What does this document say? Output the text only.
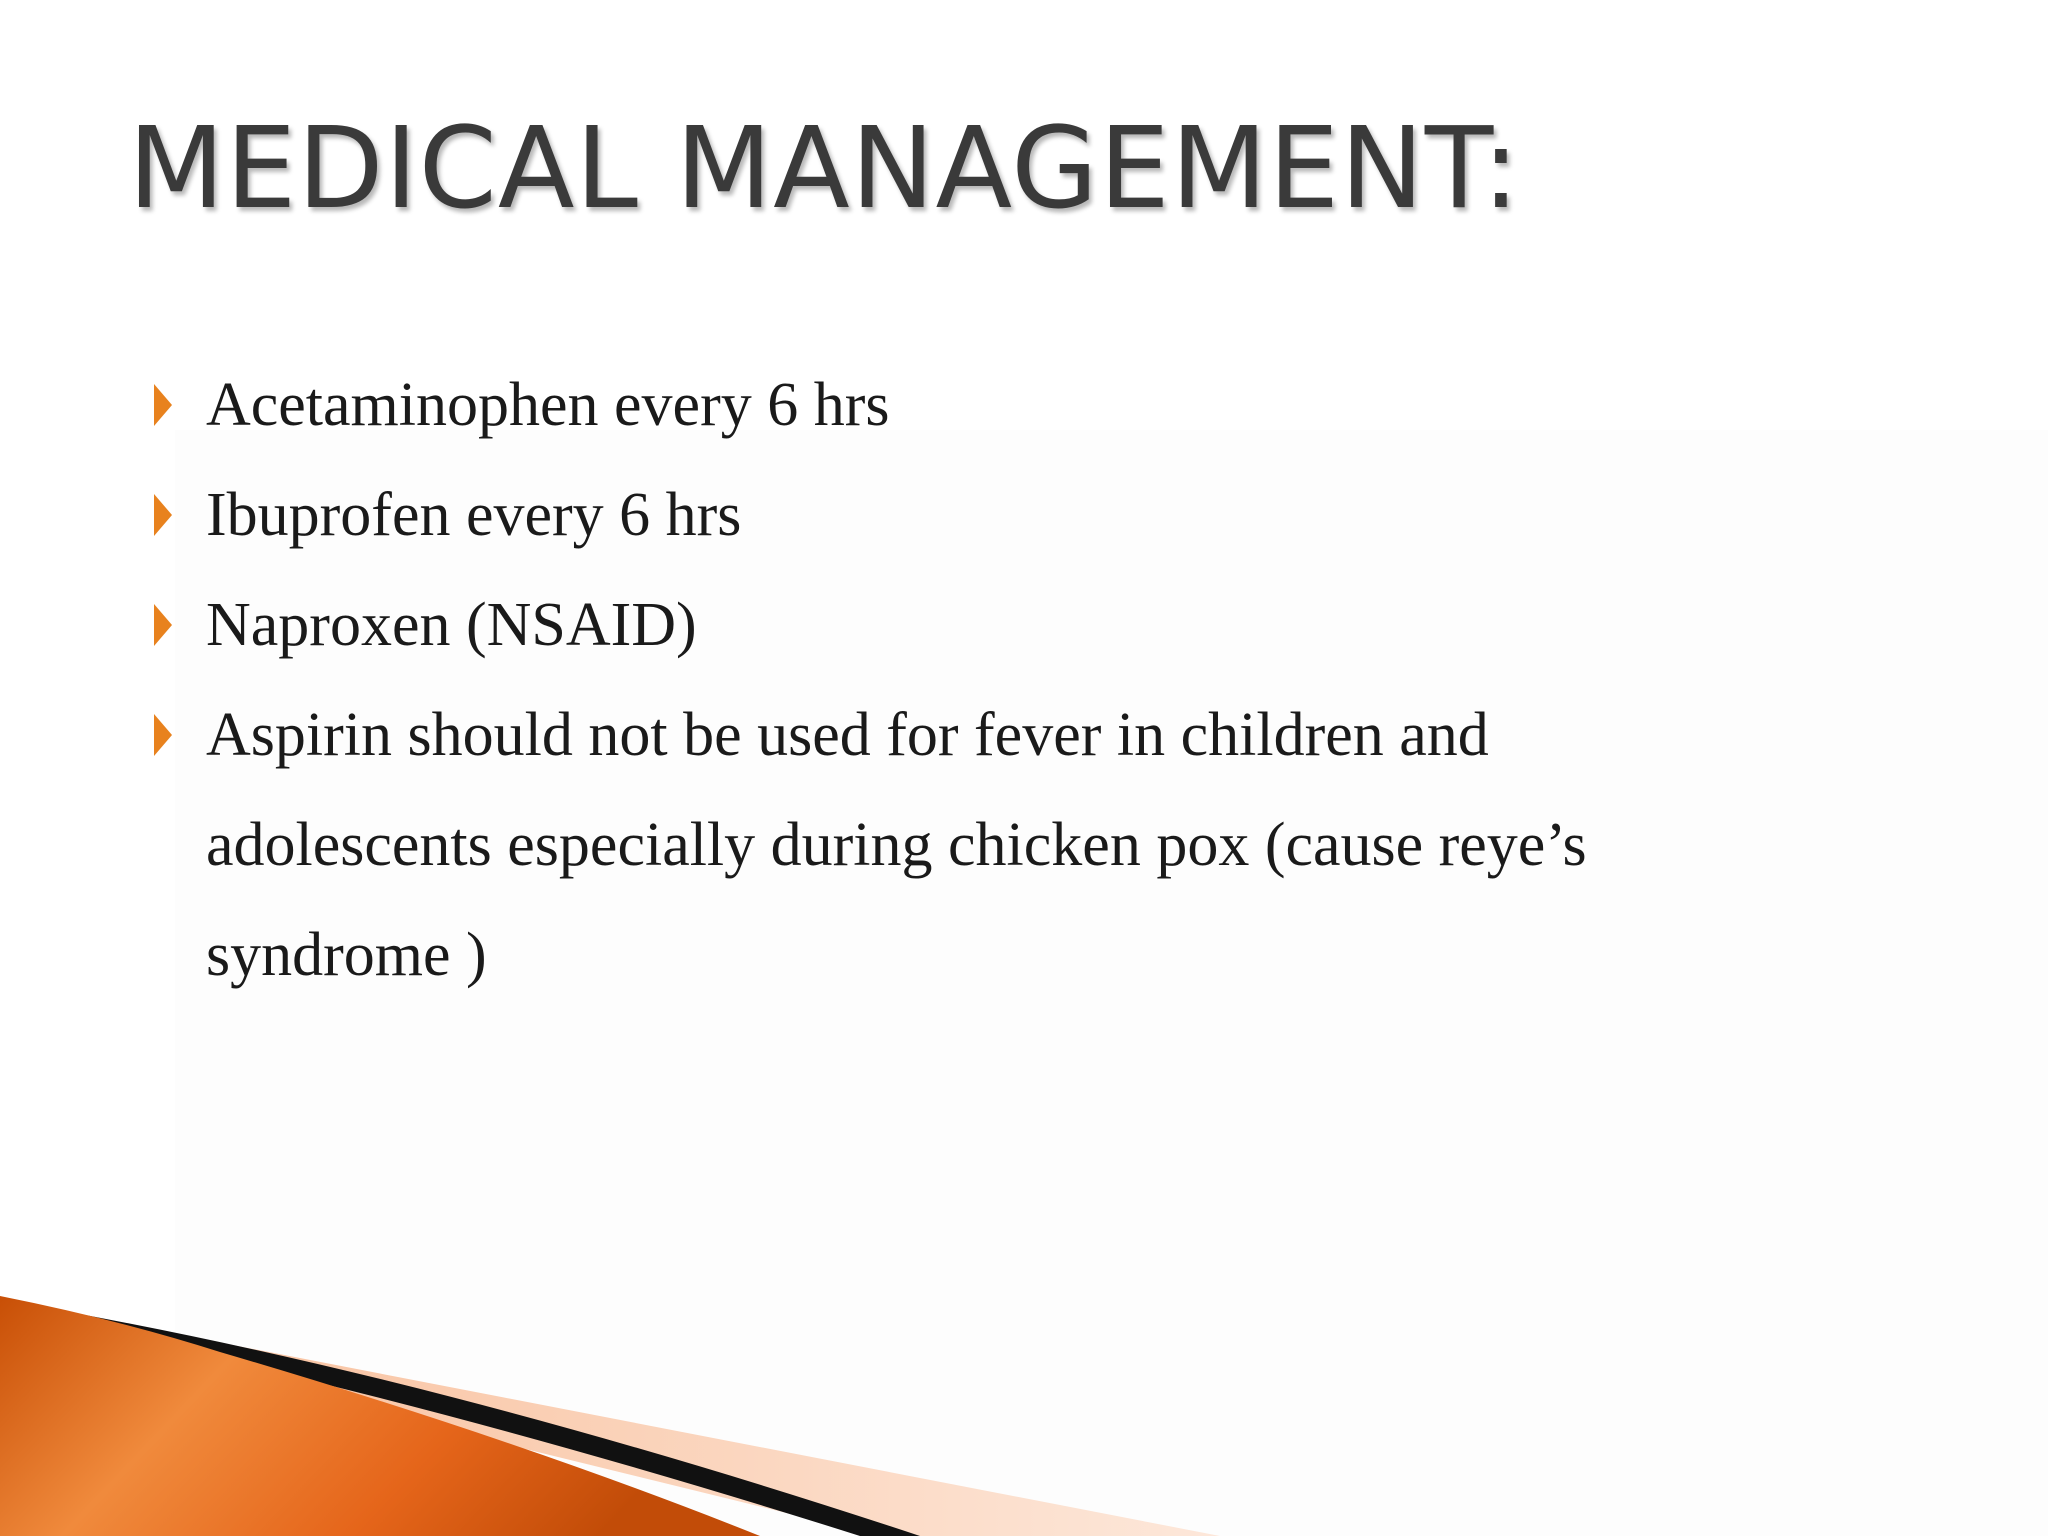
MEDICAL MANAGEMENT:
Acetaminophen every 6 hrs
Ibuprofen every 6 hrs
Naproxen (NSAID)
Aspirin should not be used for fever in children and adolescents especially during chicken pox (cause reye’s syndrome )
